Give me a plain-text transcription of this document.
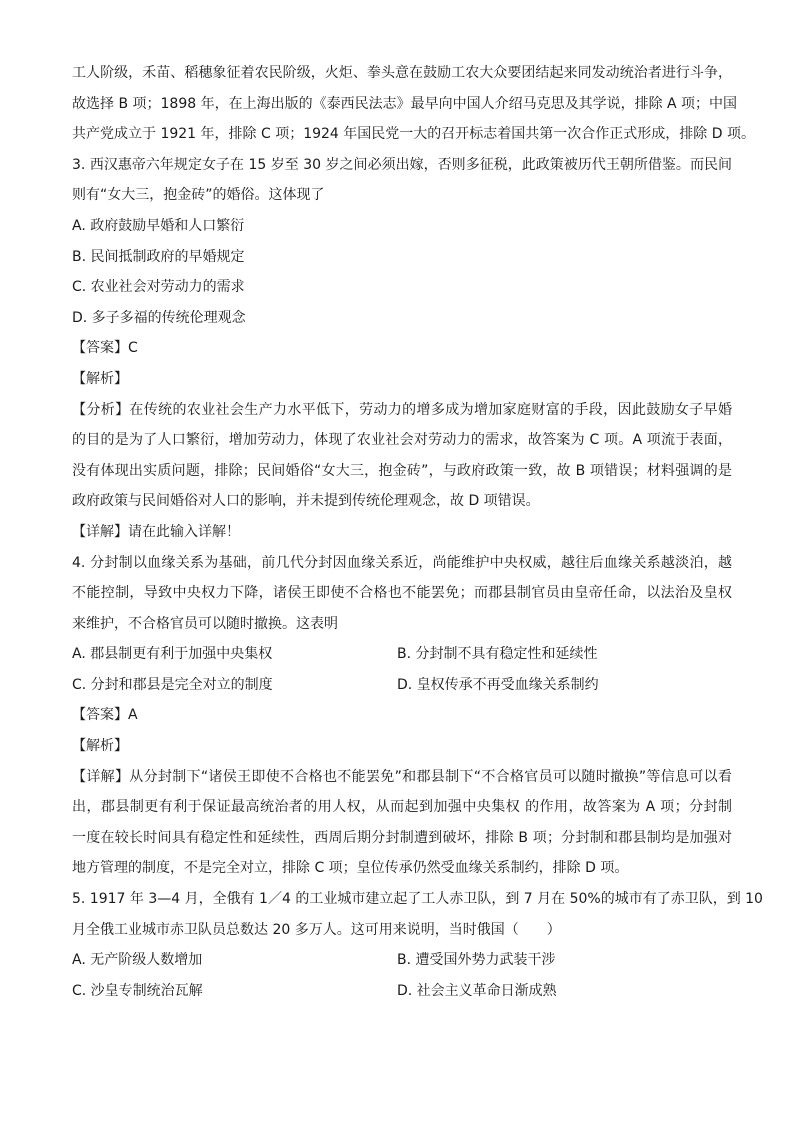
工人阶级，禾苗、稻穗象征着农民阶级，火炬、拳头意在鼓励工农大众要团结起来同发动统治者进行斗争，
故选择 B 项；1898 年，在上海出版的《泰西民法志》最早向中国人介绍马克思及其学说，排除 A 项；中国
共产党成立于 1921 年，排除 C 项；1924 年国民党一大的召开标志着国共第一次合作正式形成，排除 D 项。
3. 西汉惠帝六年规定女子在 15 岁至 30 岁之间必须出嫁，否则多征税，此政策被历代王朝所借鉴。而民间
则有“女大三，抱金砖”的婚俗。这体现了
A. 政府鼓励早婚和人口繁衍
B. 民间抵制政府的早婚规定
C. 农业社会对劳动力的需求
D. 多子多福的传统伦理观念
【答案】C
【解析】
【分析】在传统的农业社会生产力水平低下，劳动力的增多成为增加家庭财富的手段，因此鼓励女子早婚
的目的是为了人口繁衍，增加劳动力，体现了农业社会对劳动力的需求，故答案为 C 项。A 项流于表面，
没有体现出实质问题，排除；民间婚俗“女大三，抱金砖”，与政府政策一致，故 B 项错误；材料强调的是
政府政策与民间婚俗对人口的影响，并未提到传统伦理观念，故 D 项错误。
【详解】请在此输入详解！
4. 分封制以血缘关系为基础，前几代分封因血缘关系近，尚能维护中央权威，越往后血缘关系越淡泊，越
不能控制，导致中央权力下降，诸侯王即使不合格也不能罢免；而郡县制官员由皇帝任命，以法治及皇权
来维护，不合格官员可以随时撤换。这表明
A. 郡县制更有利于加强中央集权	B. 分封制不具有稳定性和延续性
C. 分封和郡县是完全对立的制度	D. 皇权传承不再受血缘关系制约
【答案】A
【解析】
【详解】从分封制下“诸侯王即使不合格也不能罢免”和郡县制下“不合格官员可以随时撤换”等信息可以看
出，郡县制更有利于保证最高统治者的用人权，从而起到加强中央集权 的作用，故答案为 A 项；分封制
一度在较长时间具有稳定性和延续性，西周后期分封制遭到破坏，排除 B 项；分封制和郡县制均是加强对
地方管理的制度，不是完全对立，排除 C 项；皇位传承仍然受血缘关系制约，排除 D 项。
5. 1917 年 3—4 月，全俄有 1／4 的工业城市建立起了工人赤卫队，到 7 月在 50%的城市有了赤卫队，到 10
月全俄工业城市赤卫队员总数达 20 多万人。这可用来说明，当时俄国（　　）
A. 无产阶级人数增加	B. 遭受国外势力武装干涉
C. 沙皇专制统治瓦解	D. 社会主义革命日渐成熟
